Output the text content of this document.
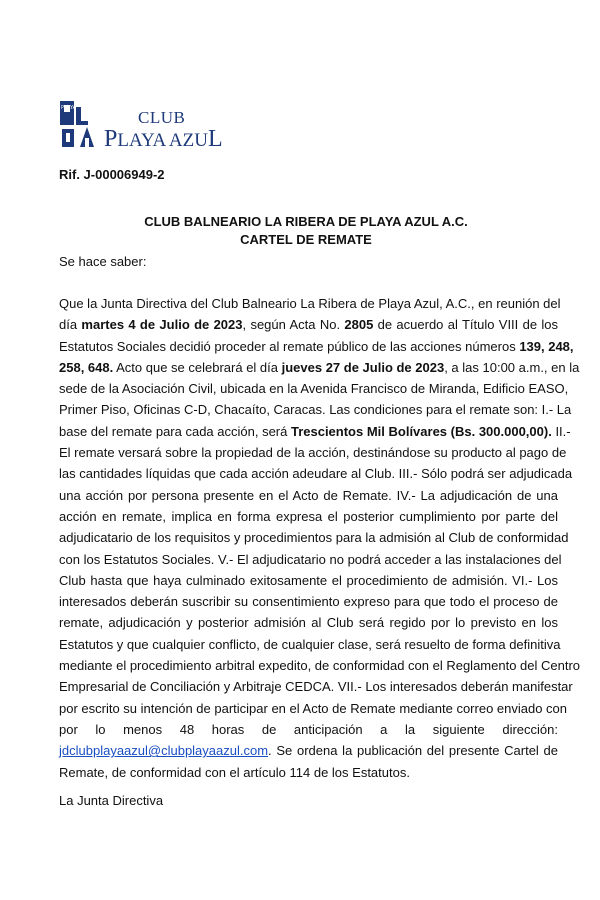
PLAYA	CLUB
PLAYA AZUL
Rif. J-00006949-2
CLUB BALNEARIO LA RIBERA DE PLAYA AZUL A.C.
CARTEL DE REMATE
Se hace saber:
Que la Junta Directiva del Club Balneario La Ribera de Playa Azul, A.C., en reunión del
día martes 4 de Julio de 2023, según Acta No. 2805 de acuerdo al Título VIII de los
Estatutos Sociales decidió proceder al remate público de las acciones números 139, 248,
258, 648. Acto que se celebrará el día jueves 27 de Julio de 2023, a las 10:00 a.m., en la
sede de la Asociación Civil, ubicada en la Avenida Francisco de Miranda, Edificio EASO,
Primer Piso, Oficinas C-D, Chacaíto, Caracas. Las condiciones para el remate son: I.- La
base del remate para cada acción, será Trescientos Mil Bolívares (Bs. 300.000,00). II.-
El remate versará sobre la propiedad de la acción, destinándose su producto al pago de
las cantidades líquidas que cada acción adeudare al Club. III.- Sólo podrá ser adjudicada
una acción por persona presente en el Acto de Remate. IV.- La adjudicación de una
acción en remate, implica en forma expresa el posterior cumplimiento por parte del
adjudicatario de los requisitos y procedimientos para la admisión al Club de conformidad
con los Estatutos Sociales. V.- El adjudicatario no podrá acceder a las instalaciones del
Club hasta que haya culminado exitosamente el procedimiento de admisión. VI.- Los
interesados deberán suscribir su consentimiento expreso para que todo el proceso de
remate, adjudicación y posterior admisión al Club será regido por lo previsto en los
Estatutos y que cualquier conflicto, de cualquier clase, será resuelto de forma definitiva
mediante el procedimiento arbitral expedito, de conformidad con el Reglamento del Centro
Empresarial de Conciliación y Arbitraje CEDCA. VII.- Los interesados deberán manifestar
por escrito su intención de participar en el Acto de Remate mediante correo enviado con
por lo menos 48 horas de anticipación a la siguiente dirección:
jdclubplayaazul@clubplayaazul.com. Se ordena la publicación del presente Cartel de
Remate, de conformidad con el artículo 114 de los Estatutos.
La Junta Directiva
